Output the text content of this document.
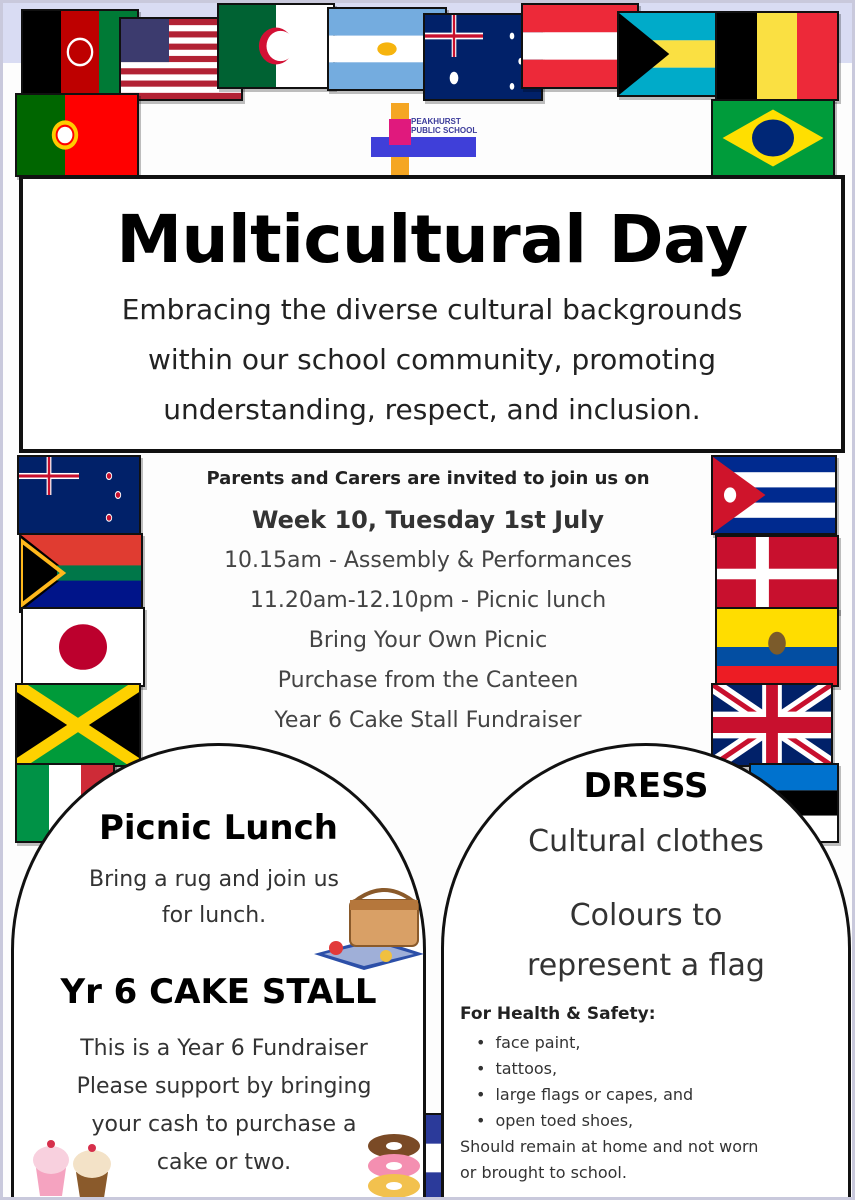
PEAKHURST
PUBLIC SCHOOL
Multicultural Day
Embracing the diverse cultural backgrounds
within our school community, promoting
understanding, respect, and inclusion.
Parents and Carers are invited to join us on
Week 10, Tuesday 1st July
10.15am - Assembly & Performances
11.20am-12.10pm - Picnic lunch
Bring Your Own Picnic
Purchase from the Canteen
Year 6 Cake Stall Fundraiser
Picnic Lunch
Bring a rug and join us
for lunch.
Yr 6 CAKE STALL
This is a Year 6 Fundraiser
Please support by bringing
your cash to purchase a
cake or two.
DRESS
Cultural clothes
Colours to
represent a flag
For Health & Safety:
• face paint,
• tattoos,
• large flags or capes, and
• open toed shoes,
Should remain at home and not worn
or brought to school.
